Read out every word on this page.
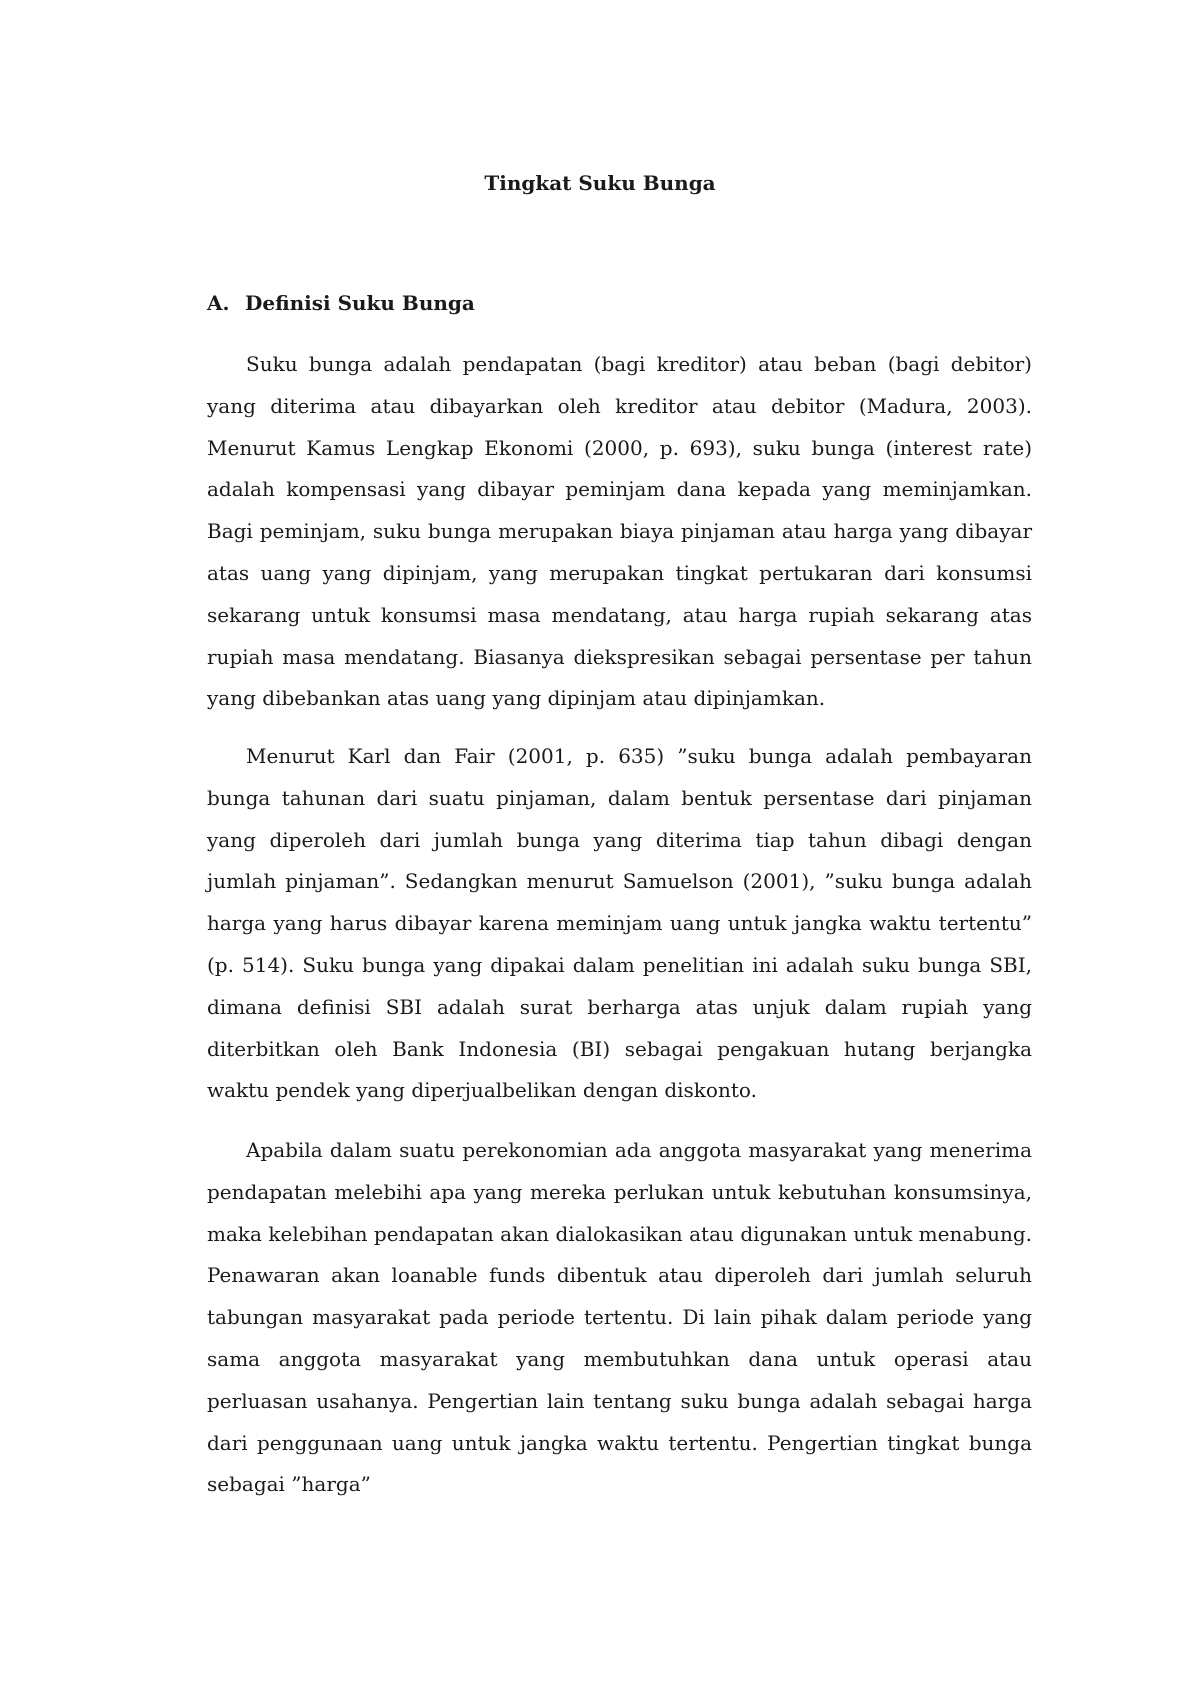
Tingkat Suku Bunga
A. Definisi Suku Bunga

Suku bunga adalah pendapatan (bagi kreditor) atau beban (bagi debitor) yang diterima atau dibayarkan oleh kreditor atau debitor (Madura, 2003). Menurut Kamus Lengkap Ekonomi (2000, p. 693), suku bunga (interest rate) adalah kompensasi yang dibayar peminjam dana kepada yang meminjamkan. Bagi peminjam, suku bunga merupakan biaya pinjaman atau harga yang dibayar atas uang yang dipinjam, yang merupakan tingkat pertukaran dari konsumsi sekarang untuk konsumsi masa mendatang, atau harga rupiah sekarang atas rupiah masa mendatang. Biasanya diekspresikan sebagai persentase per tahun yang dibebankan atas uang yang dipinjam atau dipinjamkan.

Menurut Karl dan Fair (2001, p. 635) ”suku bunga adalah pembayaran bunga tahunan dari suatu pinjaman, dalam bentuk persentase dari pinjaman yang diperoleh dari jumlah bunga yang diterima tiap tahun dibagi dengan jumlah pinjaman”. Sedangkan menurut Samuelson (2001), ”suku bunga adalah harga yang harus dibayar karena meminjam uang untuk jangka waktu tertentu” (p. 514). Suku bunga yang dipakai dalam penelitian ini adalah suku bunga SBI, dimana definisi SBI adalah surat berharga atas unjuk dalam rupiah yang diterbitkan oleh Bank Indonesia (BI) sebagai pengakuan hutang berjangka waktu pendek yang diperjualbelikan dengan diskonto.

Apabila dalam suatu perekonomian ada anggota masyarakat yang menerima pendapatan melebihi apa yang mereka perlukan untuk kebutuhan konsumsinya, maka kelebihan pendapatan akan dialokasikan atau digunakan untuk menabung. Penawaran akan loanable funds dibentuk atau diperoleh dari jumlah seluruh tabungan masyarakat pada periode tertentu. Di lain pihak dalam periode yang sama anggota masyarakat yang membutuhkan dana untuk operasi atau perluasan usahanya. Pengertian lain tentang suku bunga adalah sebagai harga dari penggunaan uang untuk jangka waktu tertentu. Pengertian tingkat bunga sebagai ”harga”
